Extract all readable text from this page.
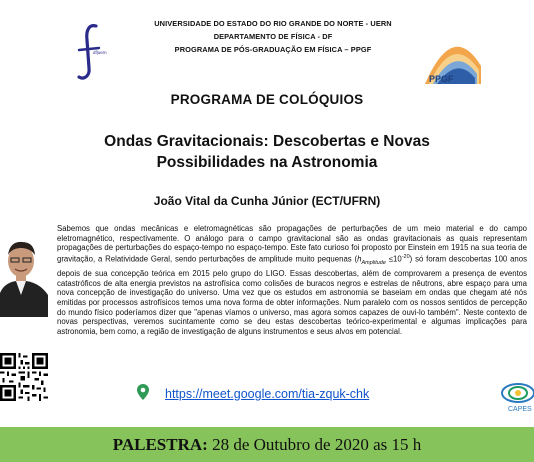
df|uern
UNIVERSIDADE DO ESTADO DO RIO GRANDE DO NORTE - UERN
DEPARTAMENTO DE FÍSICA - DF
PROGRAMA DE PÓS-GRADUAÇÃO EM FÍSICA – PPGF
PPGF
PROGRAMA DE COLÓQUIOS
Ondas Gravitacionais: Descobertas e Novas
Possibilidades na Astronomia
João Vital da Cunha Júnior (ECT/UFRN)
Sabemos que ondas mecânicas e eletromagnéticas são propagações de perturbações de um meio material e do campo eletromagnético, respectivamente. O análogo para o campo gravitacional são as ondas gravitacionais as quais representam propagações de perturbações do espaço-tempo no espaço-tempo. Este fato curioso foi proposto por Einstein em 1915 na sua teoria de gravitação, a Relatividade Geral, sendo perturbações de amplitude muito pequenas $(h_{Amplitude} \le 10^{-20})$ só foram descobertas 100 anos depois de sua concepção teórica em 2015 pelo grupo do LIGO. Essas descobertas, além de comprovarem a presença de eventos catastróficos de alta energia previstos na astrofísica como colisões de buracos negros e estrelas de nêutrons, abre espaço para uma nova concepção de investigação do universo. Uma vez que os estudos em astronomia se baseiam em ondas que chegam até nós emitidas por processos astrofísicos temos uma nova forma de obter informações. Num paralelo com os nossos sentidos de percepção do mundo físico poderíamos dizer que "apenas víamos o universo, mas agora somos capazes de ouvi-lo também". Neste contexto de novas perspectivas, veremos sucintamente como se deu estas descobertas teórico-experimental e algumas implicações para astronomia, bem como, a região de investigação de alguns instrumentos e seus alvos em potencial.
https://meet.google.com/tia-zquk-chk
CAPES
PALESTRA: 28 de Outubro de 2020 as 15 h
